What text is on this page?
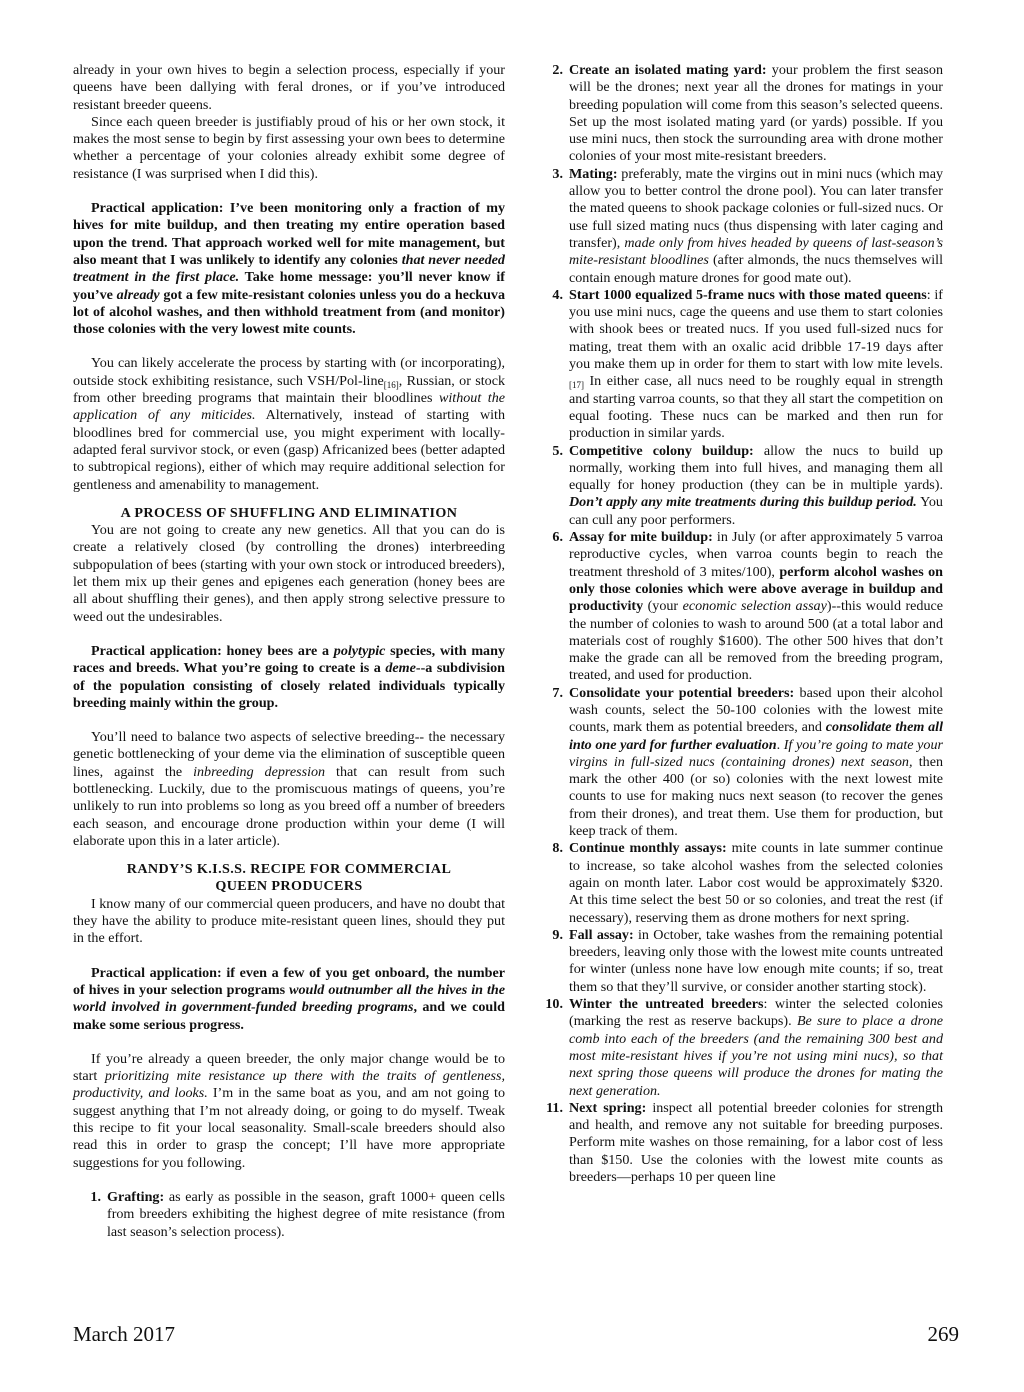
already in your own hives to begin a selection process, especially if your queens have been dallying with feral drones, or if you’ve introduced resistant breeder queens.

Since each queen breeder is justifiably proud of his or her own stock, it makes the most sense to begin by first assessing your own bees to determine whether a percentage of your colonies already exhibit some degree of resistance (I was surprised when I did this).

Practical application: I’ve been monitoring only a fraction of my hives for mite buildup, and then treating my entire operation based upon the trend. That approach worked well for mite management, but also meant that I was unlikely to identify any colonies that never needed treatment in the first place. Take home message: you’ll never know if you’ve already got a few mite-resistant colonies unless you do a heckuva lot of alcohol washes, and then withhold treatment from (and monitor) those colonies with the very lowest mite counts.

You can likely accelerate the process by starting with (or incorporating), outside stock exhibiting resistance, such VSH/Pol-line$_{[16]}$, Russian, or stock from other breeding programs that maintain their bloodlines without the application of any miticides. Alternatively, instead of starting with bloodlines bred for commercial use, you might experiment with locally-adapted feral survivor stock, or even (gasp) Africanized bees (better adapted to subtropical regions), either of which may require additional selection for gentleness and amenability to management.

A PROCESS OF SHUFFLING AND ELIMINATION

You are not going to create any new genetics. All that you can do is create a relatively closed (by controlling the drones) interbreeding subpopulation of bees (starting with your own stock or introduced breeders), let them mix up their genes and epigenes each generation (honey bees are all about shuffling their genes), and then apply strong selective pressure to weed out the undesirables.

Practical application: honey bees are a polytypic species, with many races and breeds. What you’re going to create is a deme--a subdivision of the population consisting of closely related individuals typically breeding mainly within the group.

You’ll need to balance two aspects of selective breeding-- the necessary genetic bottlenecking of your deme via the elimination of susceptible queen lines, against the inbreeding depression that can result from such bottlenecking. Luckily, due to the promiscuous matings of queens, you’re unlikely to run into problems so long as you breed off a number of breeders each season, and encourage drone production within your deme (I will elaborate upon this in a later article).

RANDY’S K.I.S.S. RECIPE FOR COMMERCIAL

QUEEN PRODUCERS

I know many of our commercial queen producers, and have no doubt that they have the ability to produce mite-resistant queen lines, should they put in the effort.

Practical application: if even a few of you get onboard, the number of hives in your selection programs would outnumber all the hives in the world involved in government-funded breeding programs, and we could make some serious progress.

If you’re already a queen breeder, the only major change would be to start prioritizing mite resistance up there with the traits of gentleness, productivity, and looks. I’m in the same boat as you, and am not going to suggest anything that I’m not already doing, or going to do myself. Tweak this recipe to fit your local seasonality. Small-scale breeders should also read this in order to grasp the concept; I’ll have more appropriate suggestions for you following.

1. Grafting: as early as possible in the season, graft 1000+ queen cells from breeders exhibiting the highest degree of mite resistance (from last season’s selection process).
2. Create an isolated mating yard: your problem the first season will be the drones; next year all the drones for matings in your breeding population will come from this season’s selected queens. Set up the most isolated mating yard (or yards) possible. If you use mini nucs, then stock the surrounding area with drone mother colonies of your most mite-resistant breeders.
3. Mating: preferably, mate the virgins out in mini nucs (which may allow you to better control the drone pool). You can later transfer the mated queens to shook package colonies or full-sized nucs. Or use full sized mating nucs (thus dispensing with later caging and transfer), made only from hives headed by queens of last-season’s mite-resistant bloodlines (after almonds, the nucs themselves will contain enough mature drones for good mate out).
4. Start 1000 equalized 5-frame nucs with those mated queens: if you use mini nucs, cage the queens and use them to start colonies with shook bees or treated nucs. If you used full-sized nucs for mating, treat them with an oxalic acid dribble 17-19 days after you make them up in order for them to start with low mite $levels._{[17]}$ In either case, all nucs need to be roughly equal in strength and starting varroa counts, so that they all start the competition on equal footing. These nucs can be marked and then run for production in similar yards.
5. Competitive colony buildup: allow the nucs to build up normally, working them into full hives, and managing them all equally for honey production (they can be in multiple yards). Don’t apply any mite treatments during this buildup period. You can cull any poor performers.
6. Assay for mite buildup: in July (or after approximately 5 varroa reproductive cycles, when varroa counts begin to reach the treatment threshold of 3 mites/100), perform alcohol washes on only those colonies which were above average in buildup and productivity (your economic selection assay)--this would reduce the number of colonies to wash to around 500 (at a total labor and materials cost of roughly $1600). The other 500 hives that don’t make the grade can all be removed from the breeding program, treated, and used for production.
7. Consolidate your potential breeders: based upon their alcohol wash counts, select the 50-100 colonies with the lowest mite counts, mark them as potential breeders, and consolidate them all into one yard for further evaluation. If you’re going to mate your virgins in full-sized nucs (containing drones) next season, then mark the other 400 (or so) colonies with the next lowest mite counts to use for making nucs next season (to recover the genes from their drones), and treat them. Use them for production, but keep track of them.
8. Continue monthly assays: mite counts in late summer continue to increase, so take alcohol washes from the selected colonies again on month later. Labor cost would be approximately $320. At this time select the best 50 or so colonies, and treat the rest (if necessary), reserving them as drone mothers for next spring.
9. Fall assay: in October, take washes from the remaining potential breeders, leaving only those with the lowest mite counts untreated for winter (unless none have low enough mite counts; if so, treat them so that they’ll survive, or consider another starting stock).
10. Winter the untreated breeders: winter the selected colonies (marking the rest as reserve backups). Be sure to place a drone comb into each of the breeders (and the remaining 300 best and most mite-resistant hives if you’re not using mini nucs), so that next spring those queens will produce the drones for mating the next generation.
11. Next spring: inspect all potential breeder colonies for strength and health, and remove any not suitable for breeding purposes. Perform mite washes on those remaining, for a labor cost of less than $150. Use the colonies with the lowest mite counts as breeders—perhaps 10 per queen line
March 2017	269
